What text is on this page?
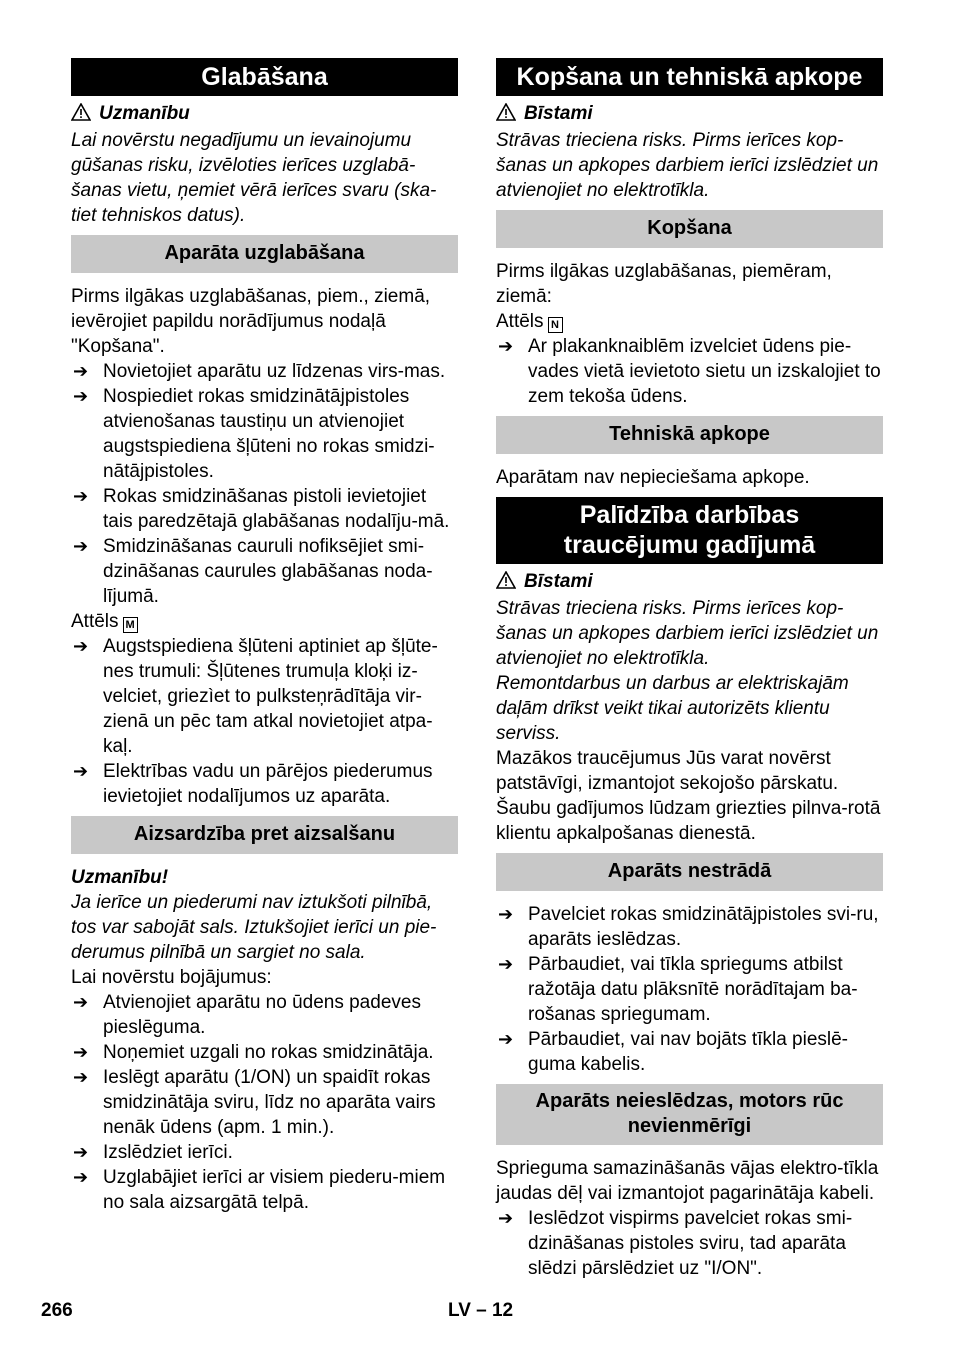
Glabāšana
Uzmanību

Lai novērstu negadījumu un ievainojumu gūšanas risku, izvēloties ierīces uzglabā-šanas vietu, ņemiet vērā ierīces svaru (ska-tiet tehniskos datus).

Aparāta uzglabāšana

Pirms ilgākas uzglabāšanas, piem., ziemā, ievērojiet papildu norādījumus nodaļā "Kopšana".

➔ Novietojiet aparātu uz līdzenas virs-mas.
➔ Nospiediet rokas smidzinātājpistoles atvienošanas taustiņu un atvienojiet augstspiediena šļūteni no rokas smidzi-nātājpistoles.
➔ Rokas smidzināšanas pistoli ievietojiet tais paredzētajā glabāšanas nodalīju-mā.
➔ Smidzināšanas cauruli nofiksējiet smi-dzināšanas caurules glabāšanas noda-lījumā.

Attēls M

➔ Augstspiediena šļūteni aptiniet ap šļūte-nes trumuli: Šļūtenes trumuļa kloķi iz-velciet, griezìet to pulksteņrādītāja vir-zienā un pēc tam atkal novietojiet atpa-kaļ.
➔ Elektrības vadu un pārējos piederumus ievietojiet nodalījumos uz aparāta.
Aizsardzība pret aizsalšanu

Uzmanību!

Ja ierīce un piederumi nav iztukšoti pilnībā, tos var sabojāt sals. Iztukšojiet ierīci un pie-derumus pilnībā un sargiet no sala.

Lai novērstu bojājumus:

➔ Atvienojiet aparātu no ūdens padeves pieslēguma.
➔ Noņemiet uzgali no rokas smidzinātāja.
➔ Ieslēgt aparātu (1/ON) un spaidīt rokas smidzinātāja sviru, līdz no aparāta vairs nenāk ūdens (apm. 1 min.).
➔ Izslēdziet ierīci.
➔ Uzglabājiet ierīci ar visiem piederu-miem no sala aizsargātā telpā.
Kopšana un tehniskā apkope
Bīstami

Strāvas trieciena risks. Pirms ierīces kop-šanas un apkopes darbiem ierīci izslēdziet un atvienojiet no elektrotīkla.

Kopšana

Pirms ilgākas uzglabāšanas, piemēram, ziemā:

Attēls N

➔ Ar plakanknaiblēm izvelciet ūdens pie-vades vietā ievietoto sietu un izskalojiet to zem tekoša ūdens.
Tehniskā apkope

Aparātam nav nepieciešama apkope.

Palīdzība darbības
traucējumu gadījumā
Bīstami

Strāvas trieciena risks. Pirms ierīces kop-šanas un apkopes darbiem ierīci izslēdziet un atvienojiet no elektrotīkla.

Remontdarbus un darbus ar elektriskajām daļām drīkst veikt tikai autorizēts klientu serviss.

Mazākos traucējumus Jūs varat novērst patstāvīgi, izmantojot sekojošo pārskatu. Šaubu gadījumos lūdzam griezties pilnva-rotā klientu apkalpošanas dienestā.

Aparāts nestrādā
➔ Pavelciet rokas smidzinātājpistoles svi-ru, aparāts ieslēdzas.
➔ Pārbaudiet, vai tīkla spriegums atbilst ražotāja datu plāksnītē norādītajam ba-rošanas spriegumam.
➔ Pārbaudiet, vai nav bojāts tīkla pieslē-guma kabelis.
Aparāts neieslēdzas, motors rūc
nevienmērīgi

Sprieguma samazināšanās vājas elektro-tīkla jaudas dēļ vai izmantojot pagarinātāja kabeli.

➔ Ieslēdzot vispirms pavelciet rokas smi-dzināšanas pistoles sviru, tad aparāta slēdzi pārslēdziet uz "I/ON".
266	LV – 12
